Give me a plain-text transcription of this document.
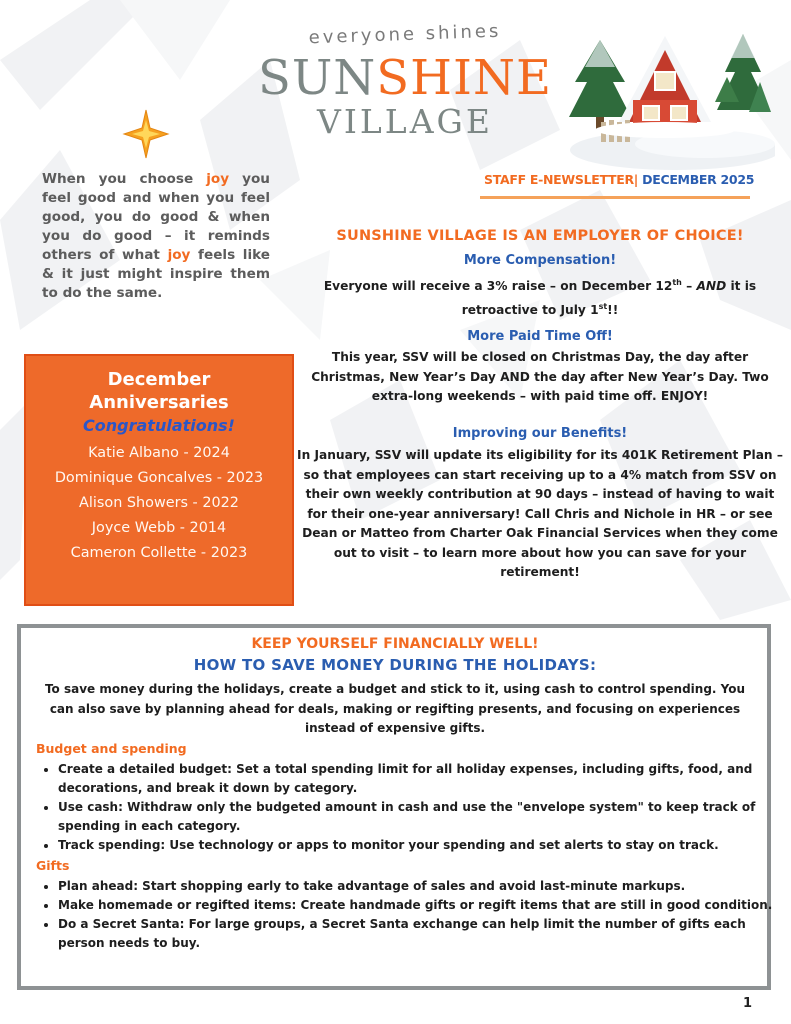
everyone shines
SUNSHINE
VILLAGE
When you choose joy you feel good and when you feel good, you do good & when you do good – it reminds others of what joy feels like & it just might inspire them to do the same.
STAFF E-NEWSLETTER| DECEMBER 2025
December
Anniversaries
Congratulations!
Katie Albano - 2024
Dominique Goncalves - 2023
Alison Showers - 2022
Joyce Webb - 2014
Cameron Collette - 2023
SUNSHINE VILLAGE IS AN EMPLOYER OF CHOICE!
More Compensation!
Everyone will receive a 3% raise – on December 12th – AND it is retroactive to July 1st!!
More Paid Time Off!
This year, SSV will be closed on Christmas Day, the day after Christmas, New Year’s Day AND the day after New Year’s Day. Two extra-long weekends – with paid time off. ENJOY!
Improving our Benefits!
In January, SSV will update its eligibility for its 401K Retirement Plan – so that employees can start receiving up to a 4% match from SSV on their own weekly contribution at 90 days – instead of having to wait for their one-year anniversary! Call Chris and Nichole in HR – or see Dean or Matteo from Charter Oak Financial Services when they come out to visit – to learn more about how you can save for your retirement!
KEEP YOURSELF FINANCIALLY WELL!
HOW TO SAVE MONEY DURING THE HOLIDAYS:
To save money during the holidays, create a budget and stick to it, using cash to control spending. You can also save by planning ahead for deals, making or regifting presents, and focusing on experiences instead of expensive gifts.
Budget and spending
• Create a detailed budget: Set a total spending limit for all holiday expenses, including gifts, food, and decorations, and break it down by category.
• Use cash: Withdraw only the budgeted amount in cash and use the "envelope system" to keep track of spending in each category.
• Track spending: Use technology or apps to monitor your spending and set alerts to stay on track.
Gifts
• Plan ahead: Start shopping early to take advantage of sales and avoid last-minute markups.
• Make homemade or regifted items: Create handmade gifts or regift items that are still in good condition.
• Do a Secret Santa: For large groups, a Secret Santa exchange can help limit the number of gifts each person needs to buy.
1
